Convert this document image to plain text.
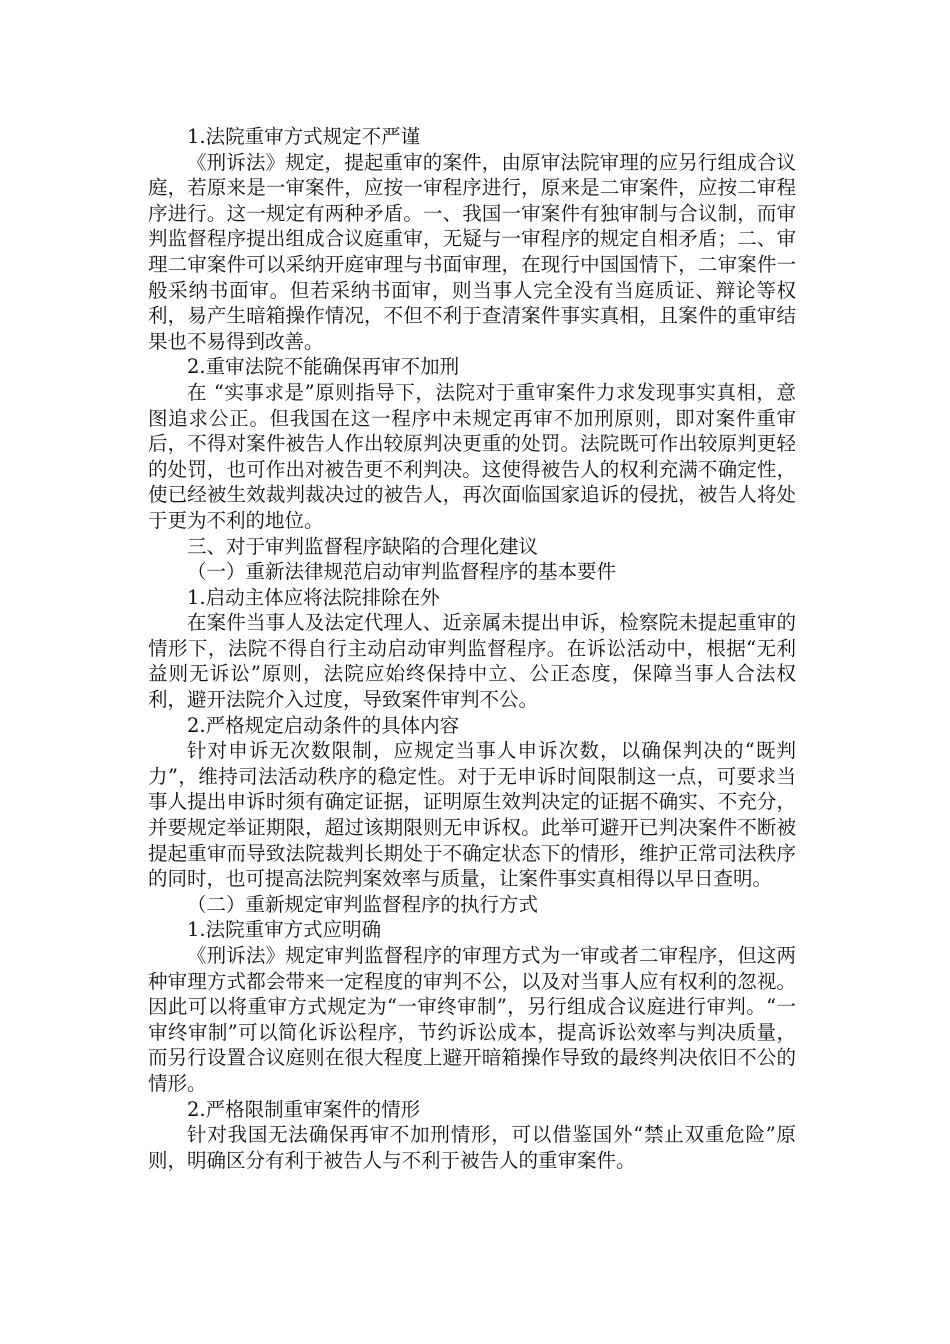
1.法院重审方式规定不严谨

《刑诉法》规定，提起重审的案件，由原审法院审理的应另行组成合议庭，若原来是一审案件，应按一审程序进行，原来是二审案件，应按二审程序进行。这一规定有两种矛盾。一、我国一审案件有独审制与合议制，而审判监督程序提出组成合议庭重审，无疑与一审程序的规定自相矛盾；二、审理二审案件可以采纳开庭审理与书面审理，在现行中国国情下，二审案件一般采纳书面审。但若采纳书面审，则当事人完全没有当庭质证、辩论等权利，易产生暗箱操作情况，不但不利于查清案件事实真相，且案件的重审结果也不易得到改善。

2.重审法院不能确保再审不加刑

在 “实事求是”原则指导下，法院对于重审案件力求发现事实真相，意图追求公正。但我国在这一程序中未规定再审不加刑原则，即对案件重审后，不得对案件被告人作出较原判决更重的处罚。法院既可作出较原判更轻的处罚，也可作出对被告更不利判决。这使得被告人的权利充满不确定性，使已经被生效裁判裁决过的被告人，再次面临国家追诉的侵扰，被告人将处于更为不利的地位。

三、对于审判监督程序缺陷的合理化建议

（一）重新法律规范启动审判监督程序的基本要件

1.启动主体应将法院排除在外

在案件当事人及法定代理人、近亲属未提出申诉，检察院未提起重审的情形下，法院不得自行主动启动审判监督程序。在诉讼活动中，根据“无利益则无诉讼”原则，法院应始终保持中立、公正态度，保障当事人合法权利，避开法院介入过度，导致案件审判不公。

2.严格规定启动条件的具体内容

针对申诉无次数限制，应规定当事人申诉次数，以确保判决的“既判力”，维持司法活动秩序的稳定性。对于无申诉时间限制这一点，可要求当事人提出申诉时须有确定证据，证明原生效判决定的证据不确实、不充分，并要规定举证期限，超过该期限则无申诉权。此举可避开已判决案件不断被提起重审而导致法院裁判长期处于不确定状态下的情形，维护正常司法秩序的同时，也可提高法院判案效率与质量，让案件事实真相得以早日查明。

（二）重新规定审判监督程序的执行方式

1.法院重审方式应明确

《刑诉法》规定审判监督程序的审理方式为一审或者二审程序，但这两种审理方式都会带来一定程度的审判不公，以及对当事人应有权利的忽视。因此可以将重审方式规定为“一审终审制”，另行组成合议庭进行审判。“一审终审制”可以简化诉讼程序，节约诉讼成本，提高诉讼效率与判决质量，而另行设置合议庭则在很大程度上避开暗箱操作导致的最终判决依旧不公的情形。

2.严格限制重审案件的情形

针对我国无法确保再审不加刑情形，可以借鉴国外“禁止双重危险”原则，明确区分有利于被告人与不利于被告人的重审案件。
